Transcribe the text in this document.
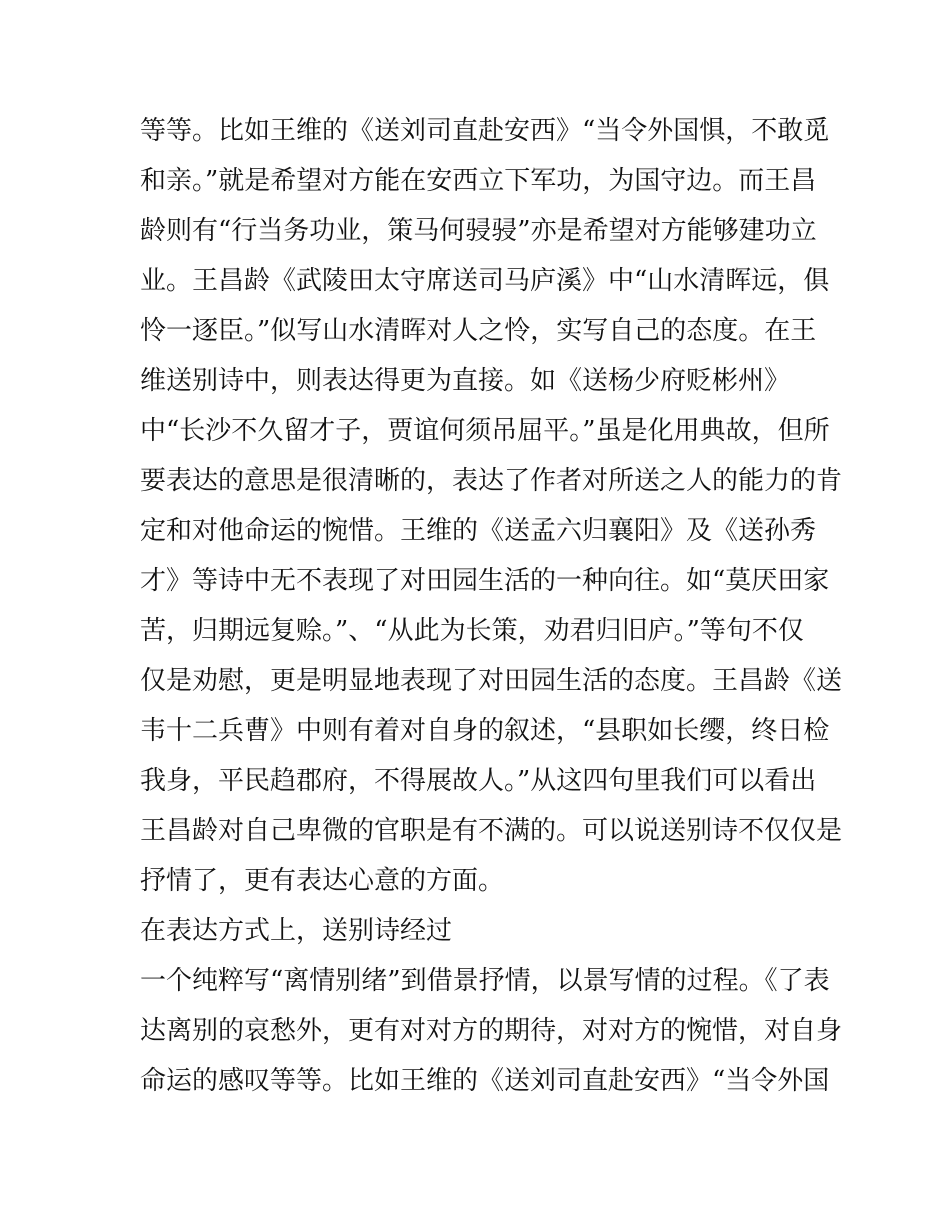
等等。比如王维的《送刘司直赴安西》“当令外国惧，不敢觅
和亲。”就是希望对方能在安西立下军功，为国守边。而王昌
龄则有“行当务功业，策马何骎骎”亦是希望对方能够建功立
业。王昌龄《武陵田太守席送司马庐溪》中“山水清晖远，俱
怜一逐臣。”似写山水清晖对人之怜，实写自己的态度。在王
维送别诗中，则表达得更为直接。如《送杨少府贬彬州》
中“长沙不久留才子，贾谊何须吊屈平。”虽是化用典故，但所
要表达的意思是很清晰的，表达了作者对所送之人的能力的肯
定和对他命运的惋惜。王维的《送孟六归襄阳》及《送孙秀
才》等诗中无不表现了对田园生活的一种向往。如“莫厌田家
苦，归期远复赊。”、“从此为长策，劝君归旧庐。”等句不仅
仅是劝慰，更是明显地表现了对田园生活的态度。王昌龄《送
韦十二兵曹》中则有着对自身的叙述，“县职如长缨，终日检
我身，平民趋郡府，不得展故人。”从这四句里我们可以看出
王昌龄对自己卑微的官职是有不满的。可以说送别诗不仅仅是
抒情了，更有表达心意的方面。
在表达方式上，送别诗经过
一个纯粹写“离情别绪”到借景抒情，以景写情的过程。《了表
达离别的哀愁外，更有对对方的期待，对对方的惋惜，对自身
命运的感叹等等。比如王维的《送刘司直赴安西》“当令外国
